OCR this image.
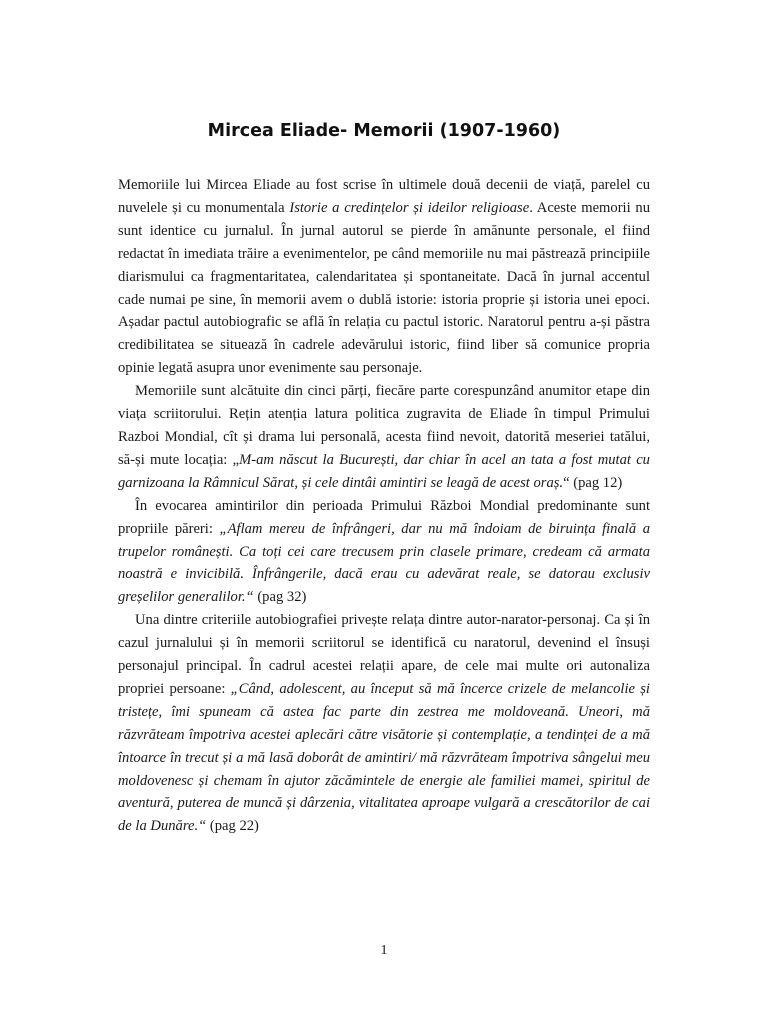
Mircea Eliade- Memorii (1907-1960)

Memoriile lui Mircea Eliade au fost scrise în ultimele două decenii de viață, parelel cu nuvelele și cu monumentala Istorie a credințelor și ideilor religioase. Aceste memorii nu sunt identice cu jurnalul. În jurnal autorul se pierde în amănunte personale, el fiind redactat în imediata trăire a evenimentelor, pe când memoriile nu mai păstrează principiile diarismului ca fragmentaritatea, calendaritatea și spontaneitate. Dacă în jurnal accentul cade numai pe sine, în memorii avem o dublă istorie: istoria proprie și istoria unei epoci. Așadar pactul autobiografic se află în relația cu pactul istoric. Naratorul pentru a-și păstra credibilitatea se situează în cadrele adevărului istoric, fiind liber să comunice propria opinie legată asupra unor evenimente sau personaje.

Memoriile sunt alcătuite din cinci părți, fiecăre parte corespunzând anumitor etape din viața scriitorului. Rețin atenția latura politica zugravita de Eliade în timpul Primului Razboi Mondial, cît și drama lui personală, acesta fiind nevoit, datorită meseriei tatălui, să-și mute locația: „M-am născut la București, dar chiar în acel an tata a fost mutat cu garnizoana la Râmnicul Sărat, și cele dintâi amintiri se leagă de acest oraș.“ (pag 12)

În evocarea amintirilor din perioada Primului Război Mondial predominante sunt propriile păreri: „Aflam mereu de înfrângeri, dar nu mă îndoiam de biruința finală a trupelor românești. Ca toți cei care trecusem prin clasele primare, credeam că armata noastră e invicibilă. Înfrângerile, dacă erau cu adevărat reale, se datorau exclusiv greșelilor generalilor.“ (pag 32)

Una dintre criteriile autobiografiei privește relața dintre autor-narator-personaj. Ca și în cazul jurnalului și în memorii scriitorul se identifică cu naratorul, devenind el însuși personajul principal. În cadrul acestei relații apare, de cele mai multe ori autonaliza propriei persoane: „Când, adolescent, au început să mă încerce crizele de melancolie și tristețe, îmi spuneam că astea fac parte din zestrea me moldovеană. Uneori, mă răzvrăteam împotriva acestei aplecări către visătorie și contemplație, a tendinței de a mă întoarce în trecut și a mă lasă doborât de amintiri/ mă răzvrăteam împotriva sângelui meu moldovenesc și chemam în ajutor zăcămintele de energie ale familiei mamei, spiritul de aventură, puterea de muncă și dârzenia, vitalitatea aproape vulgară a crescătorilor de cai de la Dunăre.“ (pag 22)

1
